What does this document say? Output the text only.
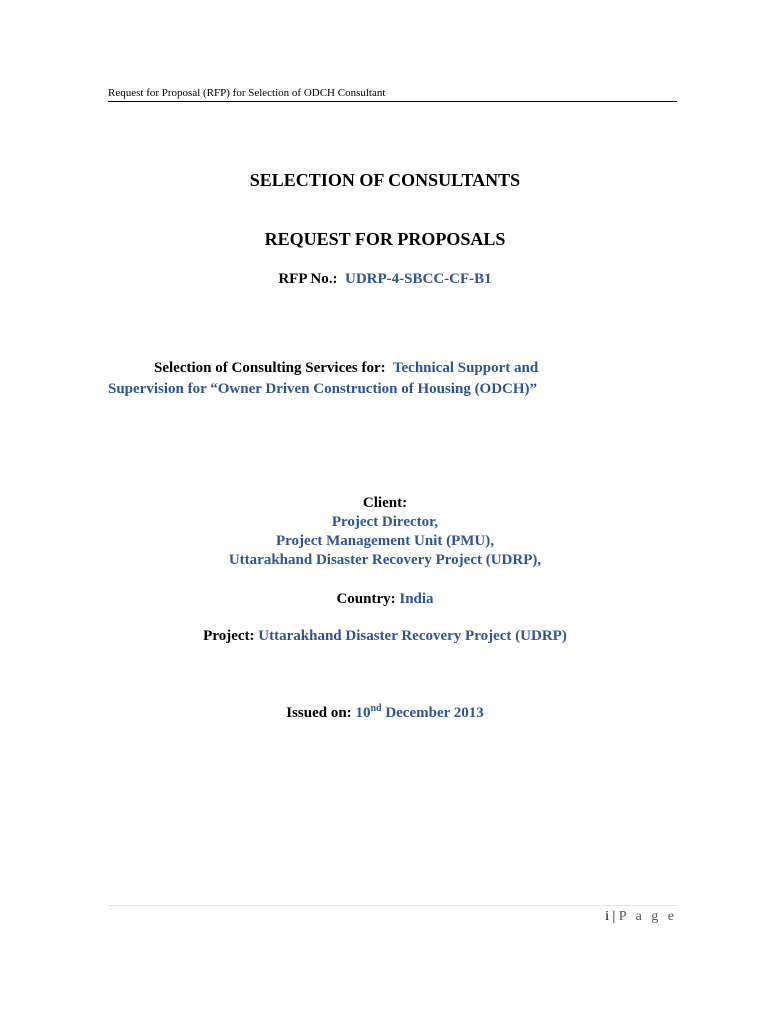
Request for Proposal (RFP) for Selection of ODCH Consultant
SELECTION OF CONSULTANTS
REQUEST FOR PROPOSALS
RFP No.: UDRP-4-SBCC-CF-B1
Selection of Consulting Services for: Technical Support and
Supervision for “Owner Driven Construction of Housing (ODCH)”
Client:
Project Director,
Project Management Unit (PMU),
Uttarakhand Disaster Recovery Project (UDRP),
Country: India
Project: Uttarakhand Disaster Recovery Project (UDRP)
Issued on: 10nd December 2013
i | P a g e
